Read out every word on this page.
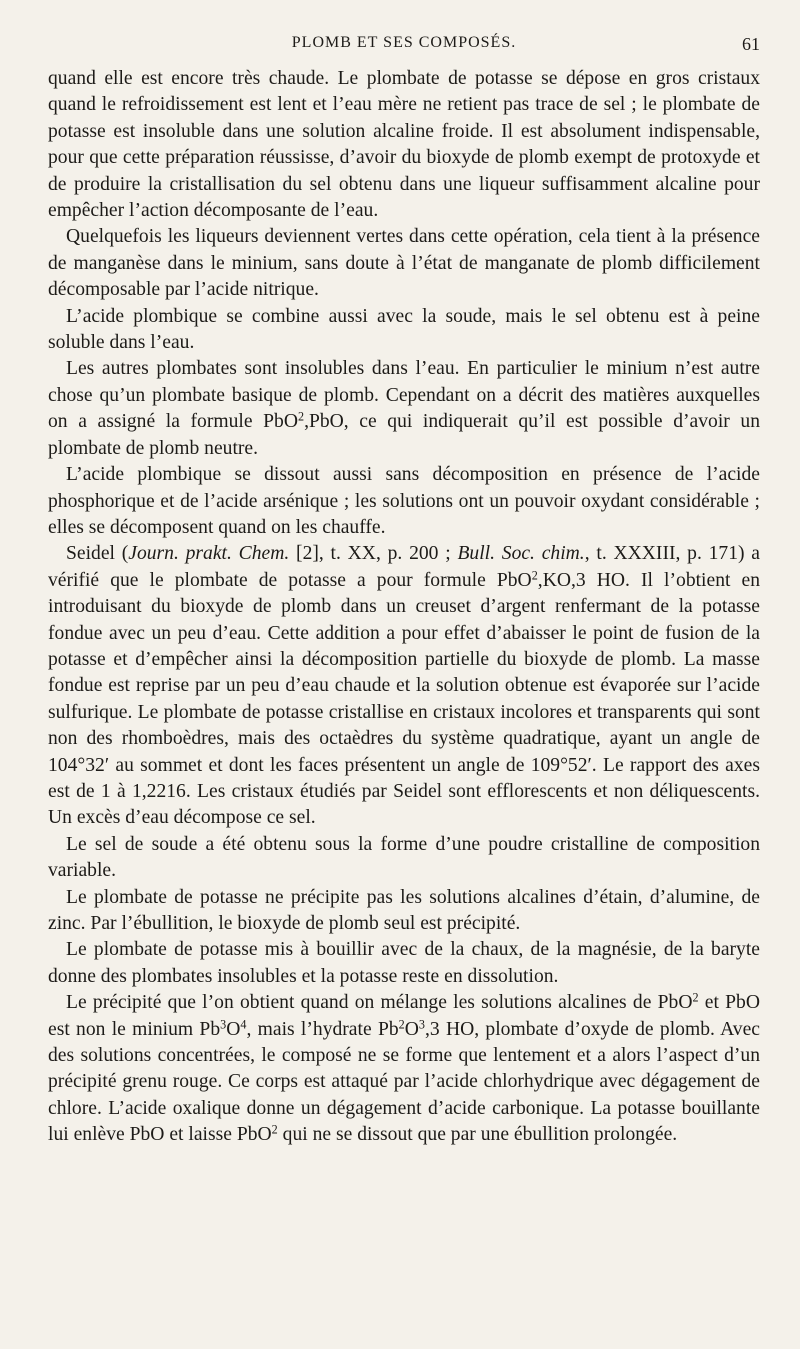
PLOMB ET SES COMPOSÉS.	61

quand elle est encore très chaude. Le plombate de potasse se dépose en gros cristaux quand le refroidissement est lent et l’eau mère ne retient pas trace de sel ; le plombate de potasse est insoluble dans une solution alcaline froide. Il est absolument indispensable, pour que cette préparation réussisse, d’avoir du bioxyde de plomb exempt de protoxyde et de produire la cristallisation du sel obtenu dans une liqueur suffisamment alcaline pour empêcher l’action décomposante de l’eau.

Quelquefois les liqueurs deviennent vertes dans cette opération, cela tient à la présence de manganèse dans le minium, sans doute à l’état de manganate de plomb difficilement décomposable par l’acide nitrique.

L’acide plombique se combine aussi avec la soude, mais le sel obtenu est à peine soluble dans l’eau.

Les autres plombates sont insolubles dans l’eau. En particulier le minium n’est autre chose qu’un plombate basique de plomb. Cependant on a décrit des matières auxquelles on a assigné la formule PbO$^2$,PbO, ce qui indiquerait qu’il est possible d’avoir un plombate de plomb neutre.

L’acide plombique se dissout aussi sans décomposition en présence de l’acide phosphorique et de l’acide arsénique ; les solutions ont un pouvoir oxydant considérable ; elles se décomposent quand on les chauffe.

Seidel (Journ. prakt. Chem. [2], t. XX, p. 200 ; Bull. Soc. chim., t. XXXIII, p. 171) a vérifié que le plombate de potasse a pour formule PbO$^2$,KO,3 HO. Il l’obtient en introduisant du bioxyde de plomb dans un creuset d’argent renfermant de la potasse fondue avec un peu d’eau. Cette addition a pour effet d’abaisser le point de fusion de la potasse et d’empêcher ainsi la décomposition partielle du bioxyde de plomb. La masse fondue est reprise par un peu d’eau chaude et la solution obtenue est évaporée sur l’acide sulfurique. Le plombate de potasse cristallise en cristaux incolores et transparents qui sont non des rhomboèdres, mais des octaèdres du système quadratique, ayant un angle de 104°32′ au sommet et dont les faces présentent un angle de 109°52′. Le rapport des axes est de 1 à 1,2216. Les cristaux étudiés par Seidel sont efflorescents et non déliquescents. Un excès d’eau décompose ce sel.

Le sel de soude a été obtenu sous la forme d’une poudre cristalline de composition variable.

Le plombate de potasse ne précipite pas les solutions alcalines d’étain, d’alumine, de zinc. Par l’ébullition, le bioxyde de plomb seul est précipité.

Le plombate de potasse mis à bouillir avec de la chaux, de la magnésie, de la baryte donne des plombates insolubles et la potasse reste en dissolution.

Le précipité que l’on obtient quand on mélange les solutions alcalines de PbO$^2$ et PbO est non le minium $Pb^3O^4$, mais l’hydrate $Pb^2O^3,3$ HO, plombate d’oxyde de plomb. Avec des solutions concentrées, le composé ne se forme que lentement et a alors l’aspect d’un précipité grenu rouge. Ce corps est attaqué par l’acide chlorhydrique avec dégagement de chlore. L’acide oxalique donne un dégagement d’acide carbonique. La potasse bouillante lui enlève PbO et laisse PbO$^2$ qui ne se dissout que par une ébullition prolongée.
